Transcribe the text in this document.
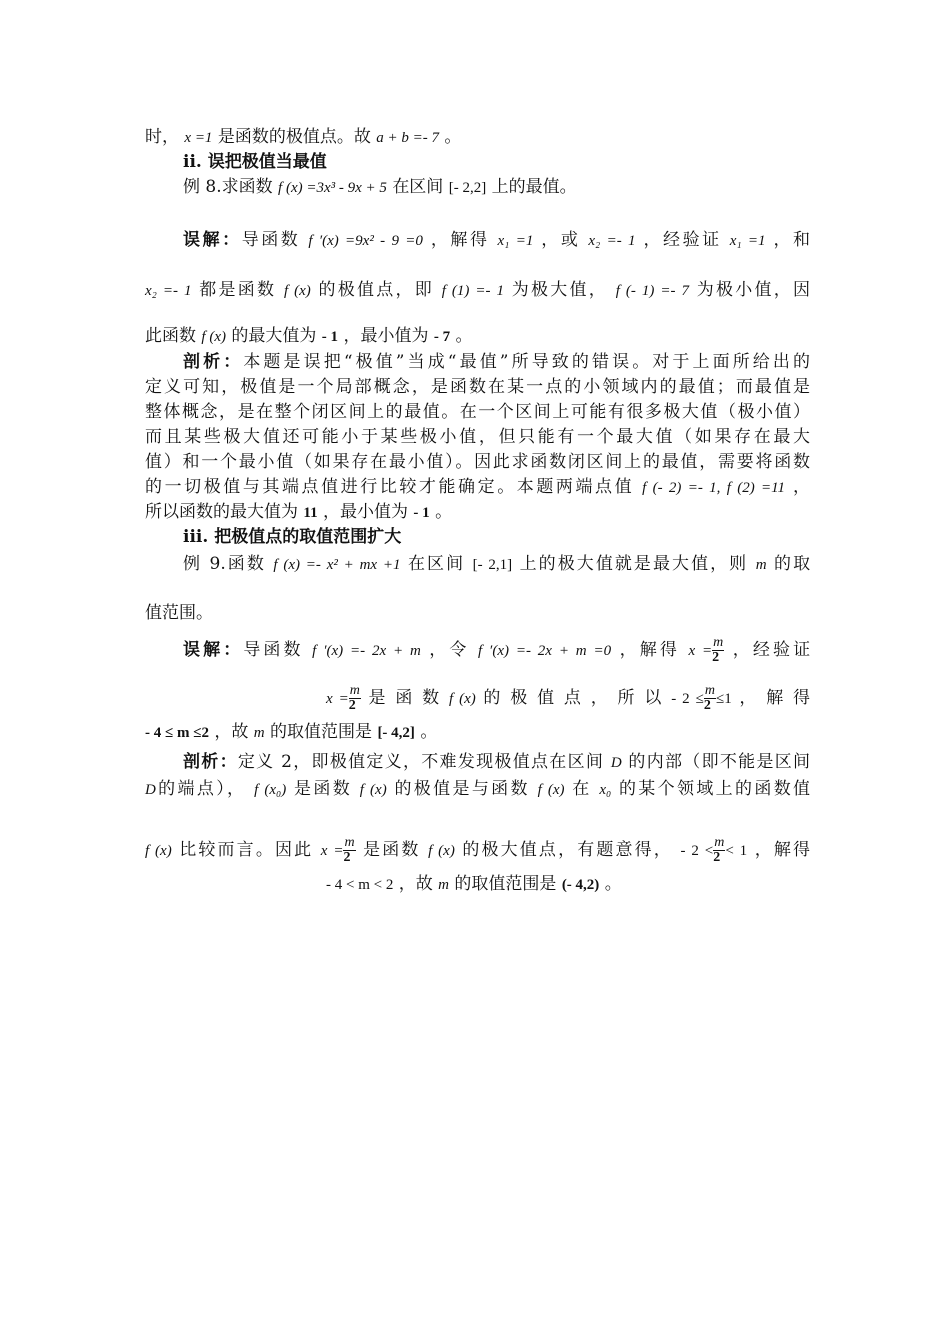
时， x =1 是函数的极值点。故 a + b =- 7 。
ii. 误把极值当最值
例 8.求函数 f (x) =3x³ - 9x + 5 在区间 [- 2,2] 上的最值。
误解：导函数 f ′(x) =9x² - 9 =0 ，解得 x₁ =1 ，或 x₂ =- 1 ，经验证 x₁ =1 ，和
x₂ =- 1 都是函数 f (x) 的极值点，即 f (1) =- 1 为极大值， f (- 1) =- 7 为极小值，因
此函数 f (x) 的最大值为 - 1 ，最小值为 - 7 。
剖析：本题是误把“极值”当成“最值”所导致的错误。对于上面所给出的
定义可知，极值是一个局部概念，是函数在某一点的小领域内的最值；而最值是
整体概念，是在整个闭区间上的最值。在一个区间上可能有很多极大值（极小值）
而且某些极大值还可能小于某些极小值，但只能有一个最大值（如果存在最大
值）和一个最小值（如果存在最小值）。因此求函数闭区间上的最值，需要将函数
的一切极值与其端点值进行比较才能确定。本题两端点值 f (- 2) =- 1, f (2) =11 ，
所以函数的最大值为 11 ，最小值为 - 1 。
iii. 把极值点的取值范围扩大
例 9.函数 f (x) =- x² + mx +1 在区间 [- 2,1] 上的极大值就是最大值，则 m 的取
值范围。
误解：导函数 f ′(x) =- 2x + m ，令 f ′(x) =- 2x + m =0 ，解得 $x = \frac{m}{2}$ ，经验证
$x = \frac{m}{2}$ 是 函 数 f (x) 的 极 值 点 ， 所 以 - $2 \le \frac{m}{2} \le 1$ ， 解 得
- 4 ≤ m ≤2 ，故 m 的取值范围是 [- 4,2] 。
剖析：定义 2，即极值定义，不难发现极值点在区间 D 的内部（即不能是区间
D的端点）， f (x₀) 是函数 f (x) 的极值是与函数 f (x) 在 x₀ 的某个领域上的函数值
f (x) 比较而言。因此 $x = \frac{m}{2}$ 是函数 f (x) 的极大值点，有题意得， - $2 < \frac{m}{2} < 1$ ，解得
- 4 < m < 2 ，故 m 的取值范围是 (- 4,2) 。
